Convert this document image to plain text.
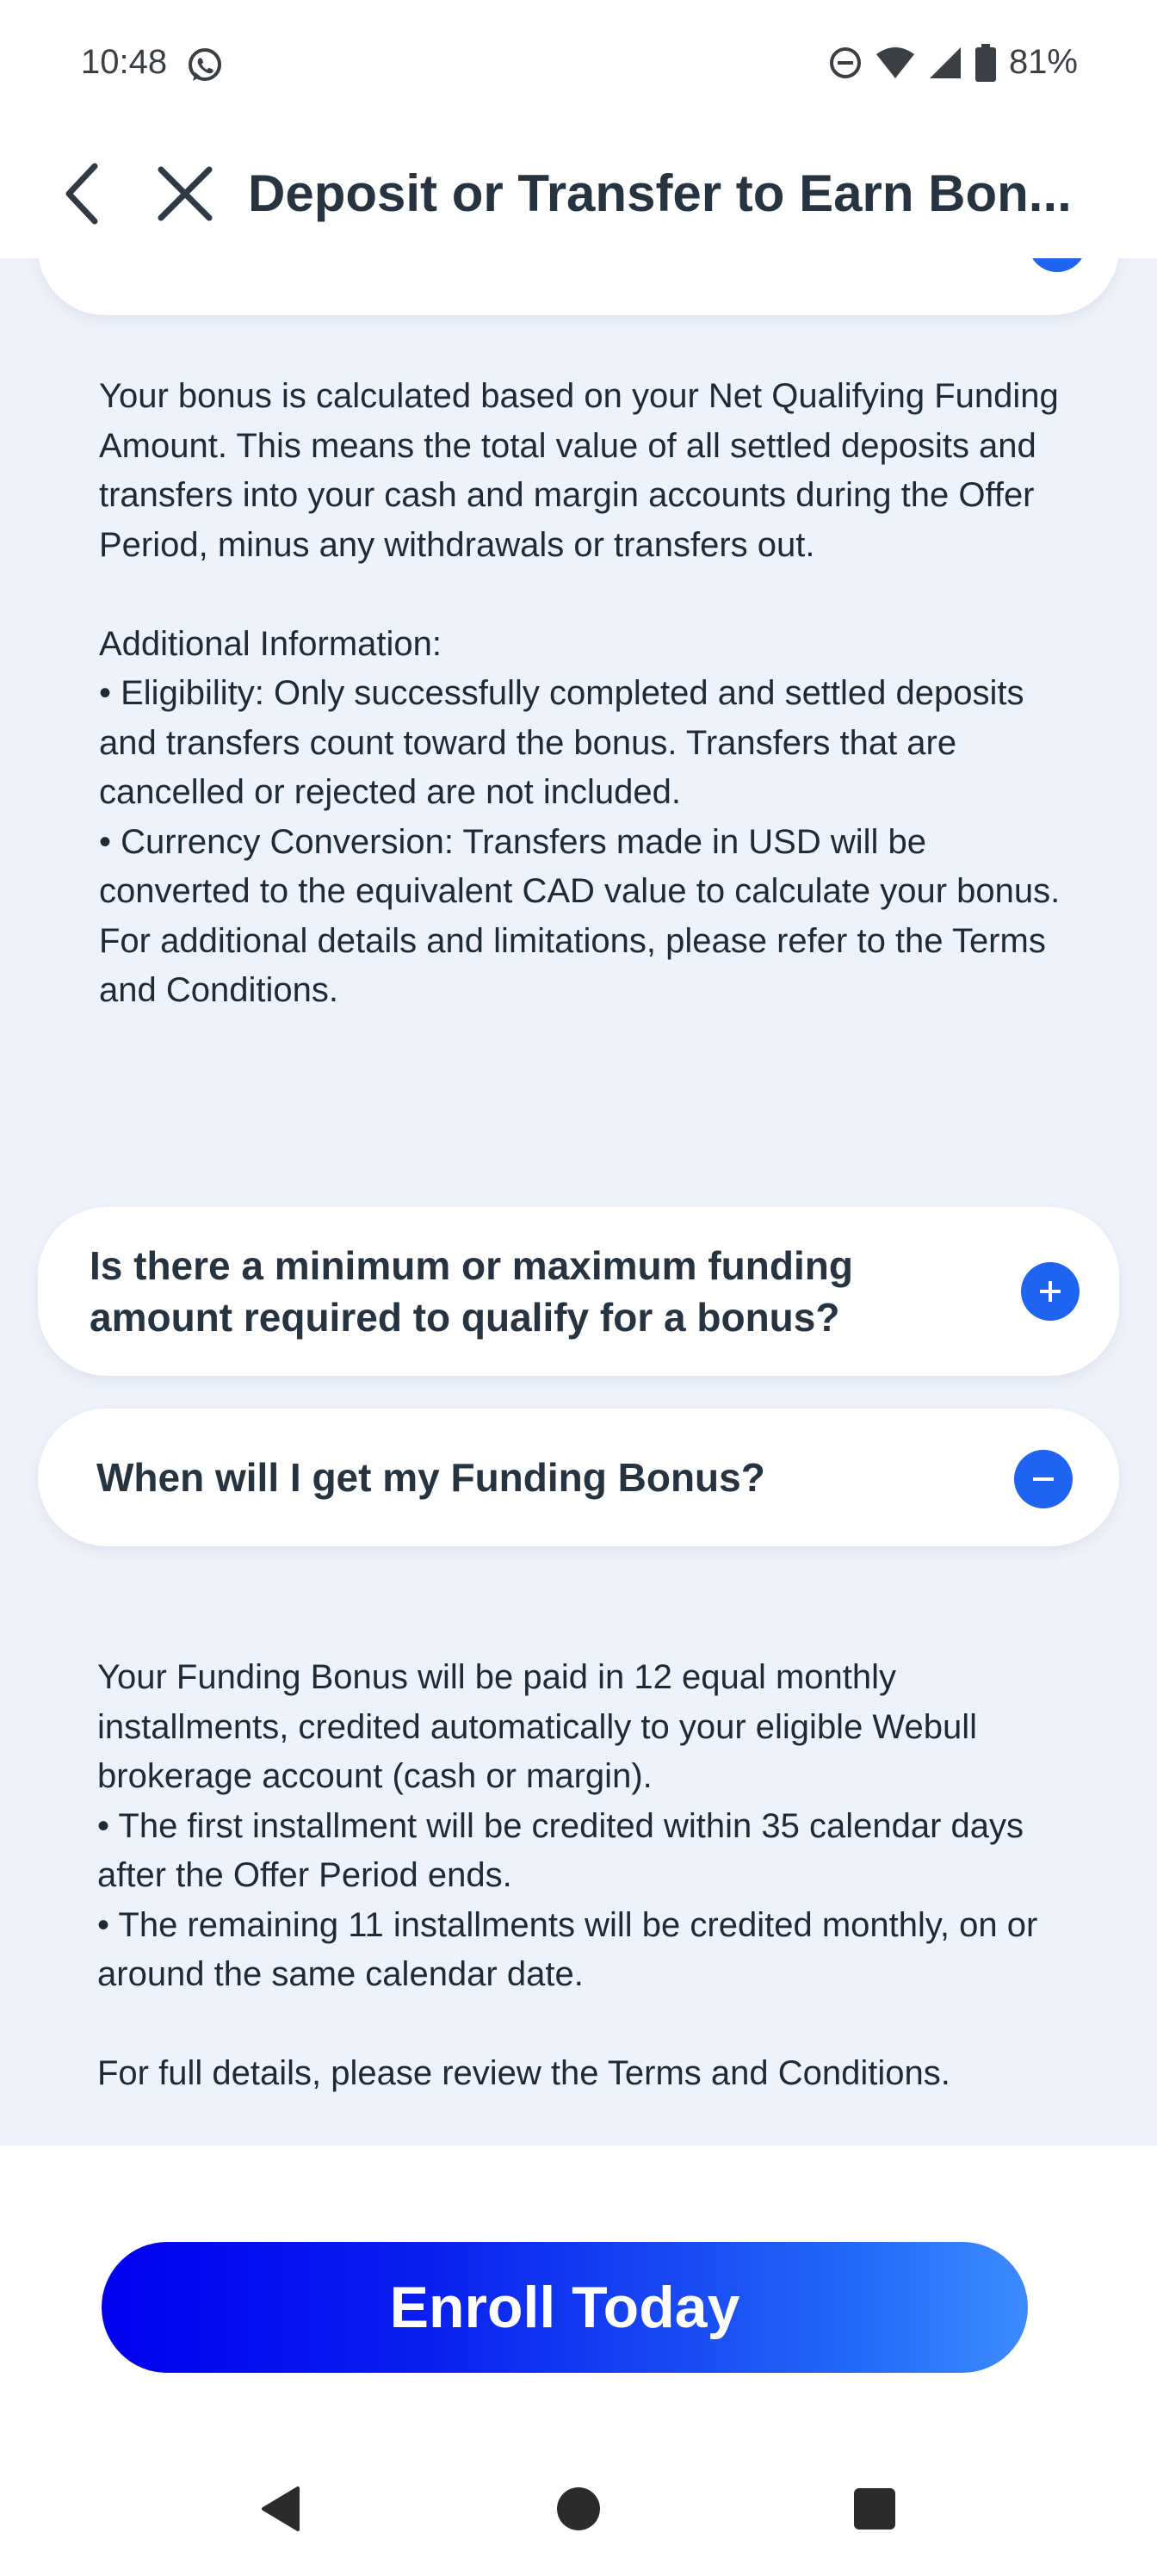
10:48	81%
Deposit or Transfer to Earn Bon...
Your bonus is calculated based on your Net Qualifying Funding Amount. This means the total value of all settled deposits and transfers into your cash and margin accounts during the Offer Period, minus any withdrawals or transfers out.

Additional Information:
• Eligibility: Only successfully completed and settled deposits and transfers count toward the bonus. Transfers that are cancelled or rejected are not included.
• Currency Conversion: Transfers made in USD will be converted to the equivalent CAD value to calculate your bonus.
For additional details and limitations, please refer to the Terms and Conditions.
Is there a minimum or maximum funding amount required to qualify for a bonus?
When will I get my Funding Bonus?
Your Funding Bonus will be paid in 12 equal monthly installments, credited automatically to your eligible Webull brokerage account (cash or margin).
• The first installment will be credited within 35 calendar days after the Offer Period ends.
• The remaining 11 installments will be credited monthly, on or around the same calendar date.

For full details, please review the Terms and Conditions.
Enroll Today
